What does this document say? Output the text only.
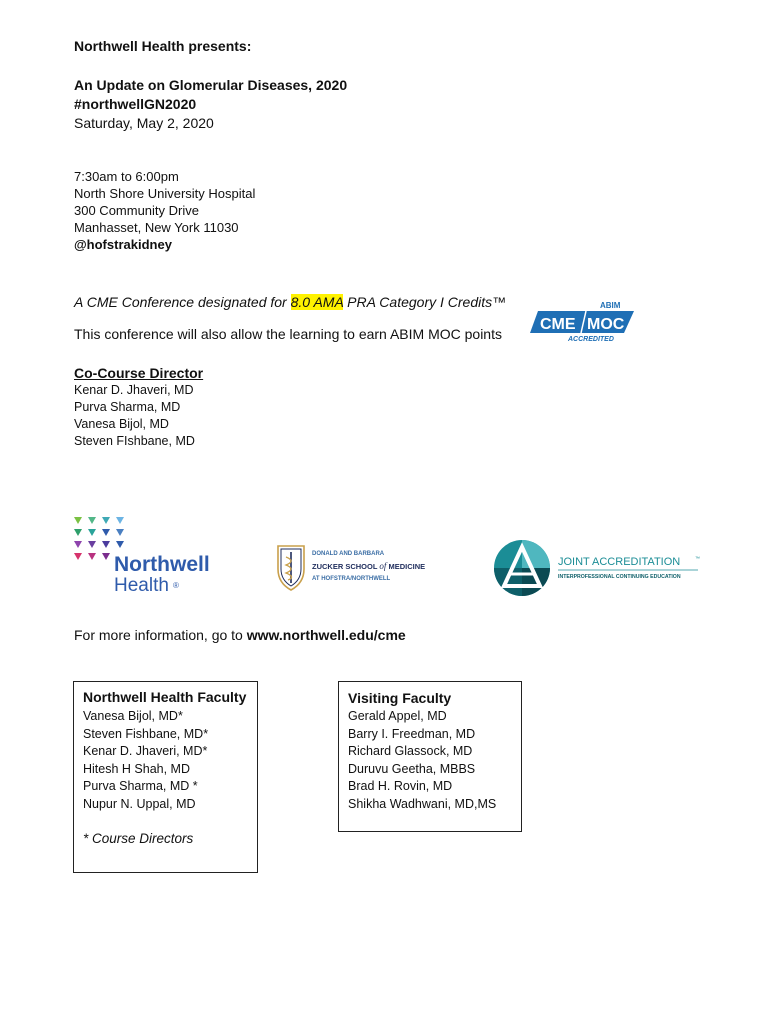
Northwell Health presents:
An Update on Glomerular Diseases, 2020
#northwellGN2020
Saturday, May 2, 2020
7:30am to 6:00pm
North Shore University Hospital
300 Community Drive
Manhasset, New York 11030
@hofstrakidney
A CME Conference designated for 8.0 AMA PRA Category I Credits™
This conference will also allow the learning to earn ABIM MOC points
ABIM
CME MOC
ACCREDITED
Co-Course Director
Kenar D. Jhaveri, MD
Purva Sharma, MD
Vanesa Bijol, MD
Steven FIshbane, MD
Northwell
Health ®
DONALD AND BARBARA
ZUCKER SCHOOL of MEDICINE
AT HOFSTRA/NORTHWELL
JOINT ACCREDITATION	™
INTERPROFESSIONAL CONTINUING EDUCATION
For more information, go to www.northwell.edu/cme
Northwell Health Faculty
Vanesa Bijol, MD*
Steven Fishbane, MD*
Kenar D. Jhaveri, MD*
Hitesh H Shah, MD
Purva Sharma, MD *
Nupur N. Uppal, MD
* Course Directors
Visiting Faculty
Gerald Appel, MD
Barry I. Freedman, MD
Richard Glassock, MD
Duruvu Geetha, MBBS
Brad H. Rovin, MD
Shikha Wadhwani, MD,MS
